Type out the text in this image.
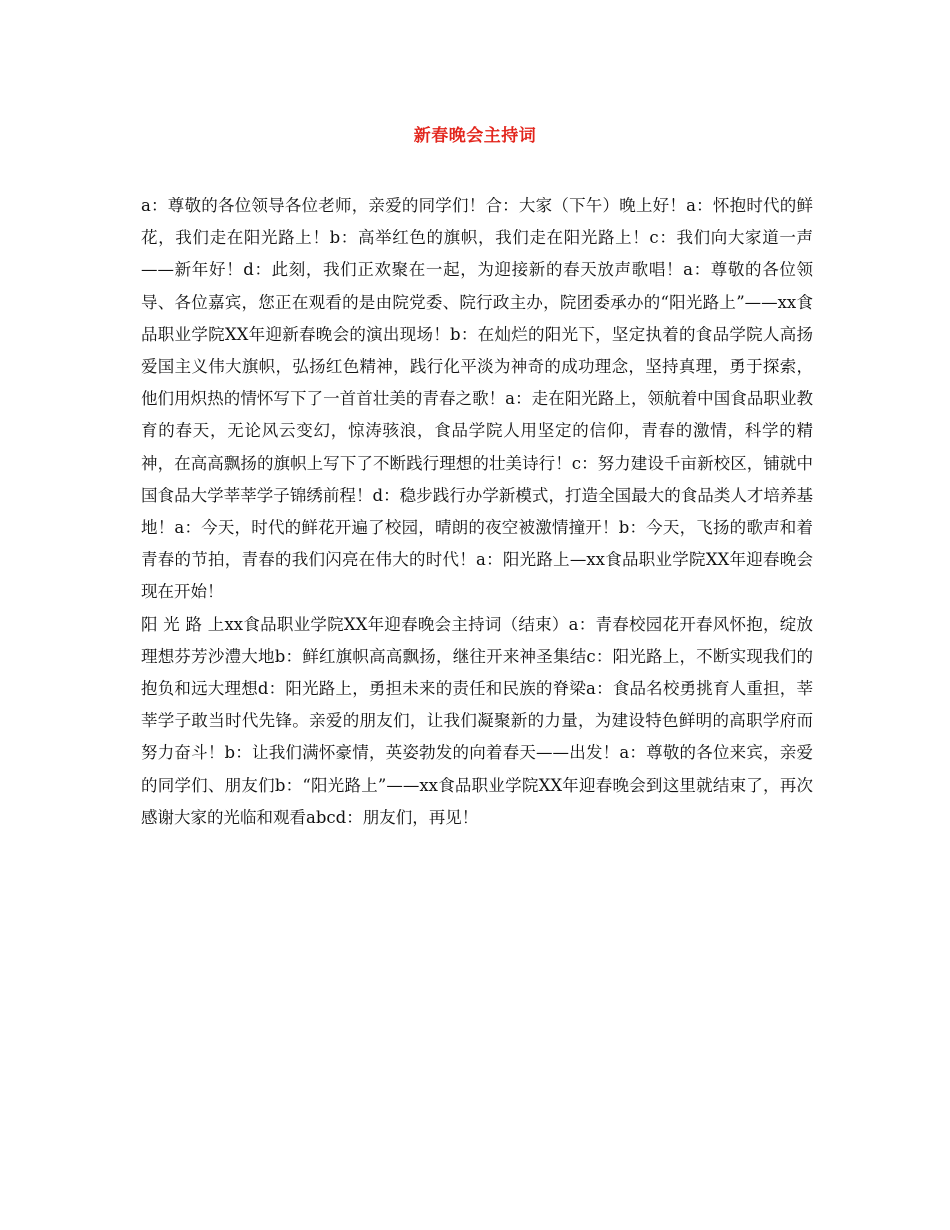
新春晚会主持词

a：尊敬的各位领导各位老师，亲爱的同学们！合：大家（下午）晚上好！a：怀抱时代的鲜花，我们走在阳光路上！b：高举红色的旗帜，我们走在阳光路上！c：我们向大家道一声——新年好！d：此刻，我们正欢聚在一起，为迎接新的春天放声歌唱！a：尊敬的各位领导、各位嘉宾，您正在观看的是由院党委、院行政主办，院团委承办的“阳光路上”——xx食品职业学院XX年迎新春晚会的演出现场！b：在灿烂的阳光下，坚定执着的食品学院人高扬爱国主义伟大旗帜，弘扬红色精神，践行化平淡为神奇的成功理念，坚持真理，勇于探索，他们用炽热的情怀写下了一首首壮美的青春之歌！a：走在阳光路上，领航着中国食品职业教育的春天，无论风云变幻，惊涛骇浪，食品学院人用坚定的信仰，青春的激情，科学的精神，在高高飘扬的旗帜上写下了不断践行理想的壮美诗行！c：努力建设千亩新校区，铺就中国食品大学莘莘学子锦绣前程！d：稳步践行办学新模式，打造全国最大的食品类人才培养基地！a：今天，时代的鲜花开遍了校园，晴朗的夜空被激情撞开！b：今天，飞扬的歌声和着青春的节拍，青春的我们闪亮在伟大的时代！a：阳光路上—xx食品职业学院XX年迎春晚会现在开始！

阳 光 路 上xx食品职业学院XX年迎春晚会主持词（结束）a：青春校园花开春风怀抱，绽放理想芬芳沙澧大地b：鲜红旗帜高高飘扬，继往开来神圣集结c：阳光路上，不断实现我们的抱负和远大理想d：阳光路上，勇担未来的责任和民族的脊梁a：食品名校勇挑育人重担，莘莘学子敢当时代先锋。亲爱的朋友们，让我们凝聚新的力量，为建设特色鲜明的高职学府而努力奋斗！b：让我们满怀豪情，英姿勃发的向着春天——出发！a：尊敬的各位来宾，亲爱的同学们、朋友们b：“阳光路上”——xx食品职业学院XX年迎春晚会到这里就结束了，再次感谢大家的光临和观看abcd：朋友们，再见！
